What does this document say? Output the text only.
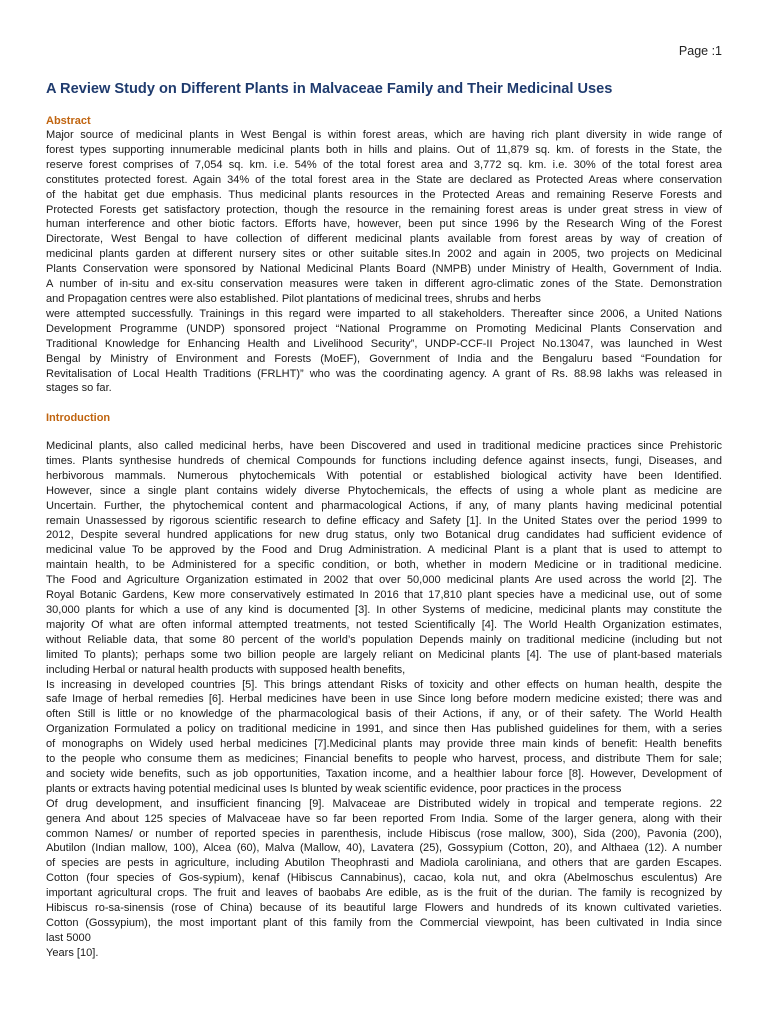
Page :1
A Review Study on Different Plants in Malvaceae Family and Their Medicinal Uses
Abstract
Major source of medicinal plants in West Bengal is within forest areas, which are having rich plant diversity in wide range of
forest types supporting innumerable medicinal plants both in hills and plains. Out of 11,879 sq. km. of forests in the State, the
reserve forest comprises of 7,054 sq. km. i.e. 54% of the total forest area and 3,772 sq. km. i.e. 30% of the total forest area
constitutes protected forest. Again 34% of the total forest area in the State are declared as Protected Areas where conservation
of the habitat get due emphasis. Thus medicinal plants resources in the Protected Areas and remaining Reserve Forests and
Protected Forests get satisfactory protection, though the resource in the remaining forest areas is under great stress in view of
human interference and other biotic factors. Efforts have, however, been put since 1996 by the Research Wing of the Forest
Directorate, West Bengal to have collection of different medicinal plants available from forest areas by way of creation of
medicinal plants garden at different nursery sites or other suitable sites.In 2002 and again in 2005, two projects on Medicinal
Plants Conservation were sponsored by National Medicinal Plants Board (NMPB) under Ministry of Health, Government of India.
A number of in-situ and ex-situ conservation measures were taken in different agro-climatic zones of the State. Demonstration
and Propagation centres were also established. Pilot plantations of medicinal trees, shrubs and herbs
were attempted successfully. Trainings in this regard were imparted to all stakeholders. Thereafter since 2006, a United Nations
Development Programme (UNDP) sponsored project “National Programme on Promoting Medicinal Plants Conservation and
Traditional Knowledge for Enhancing Health and Livelihood Security”, UNDP-CCF-II Project No.13047, was launched in West
Bengal by Ministry of Environment and Forests (MoEF), Government of India and the Bengaluru based “Foundation for
Revitalisation of Local Health Traditions (FRLHT)” who was the coordinating agency. A grant of Rs. 88.98 lakhs was released in
stages so far.
Introduction
Medicinal plants, also called medicinal herbs, have been Discovered and used in traditional medicine practices since Prehistoric
times. Plants synthesise hundreds of chemical Compounds for functions including defence against insects, fungi, Diseases, and
herbivorous mammals. Numerous phytochemicals With potential or established biological activity have been Identified.
However, since a single plant contains widely diverse Phytochemicals, the effects of using a whole plant as medicine are
Uncertain. Further, the phytochemical content and pharmacological Actions, if any, of many plants having medicinal potential
remain Unassessed by rigorous scientific research to define efficacy and Safety [1]. In the United States over the period 1999 to
2012, Despite several hundred applications for new drug status, only two Botanical drug candidates had sufficient evidence of
medicinal value To be approved by the Food and Drug Administration. A medicinal Plant is a plant that is used to attempt to
maintain health, to be Administered for a specific condition, or both, whether in modern Medicine or in traditional medicine.
The Food and Agriculture Organization estimated in 2002 that over 50,000 medicinal plants Are used across the world [2]. The
Royal Botanic Gardens, Kew more conservatively estimated In 2016 that 17,810 plant species have a medicinal use, out of some
30,000 plants for which a use of any kind is documented [3]. In other Systems of medicine, medicinal plants may constitute the
majority Of what are often informal attempted treatments, not tested Scientifically [4]. The World Health Organization estimates,
without Reliable data, that some 80 percent of the world’s population Depends mainly on traditional medicine (including but not
limited To plants); perhaps some two billion people are largely reliant on Medicinal plants [4]. The use of plant-based materials
including Herbal or natural health products with supposed health benefits,
Is increasing in developed countries [5]. This brings attendant Risks of toxicity and other effects on human health, despite the
safe Image of herbal remedies [6]. Herbal medicines have been in use Since long before modern medicine existed; there was and
often Still is little or no knowledge of the pharmacological basis of their Actions, if any, or of their safety. The World Health
Organization Formulated a policy on traditional medicine in 1991, and since then Has published guidelines for them, with a series
of monographs on Widely used herbal medicines [7].Medicinal plants may provide three main kinds of benefit: Health benefits
to the people who consume them as medicines; Financial benefits to people who harvest, process, and distribute Them for sale;
and society wide benefits, such as job opportunities, Taxation income, and a healthier labour force [8]. However, Development of
plants or extracts having potential medicinal uses Is blunted by weak scientific evidence, poor practices in the process
Of drug development, and insufficient financing [9]. Malvaceae are Distributed widely in tropical and temperate regions. 22
genera And about 125 species of Malvaceae have so far been reported From India. Some of the larger genera, along with their
common Names/ or number of reported species in parenthesis, include Hibiscus (rose mallow, 300), Sida (200), Pavonia (200),
Abutilon (Indian mallow, 100), Alcea (60), Malva (Mallow, 40), Lavatera (25), Gossypium (Cotton, 20), and Althaea (12). A number
of species are pests in agriculture, including Abutilon Theophrasti and Madiola caroliniana, and others that are garden Escapes.
Cotton (four species of Gos-sypium), kenaf (Hibiscus Cannabinus), cacao, kola nut, and okra (Abelmoschus esculentus) Are
important agricultural crops. The fruit and leaves of baobabs Are edible, as is the fruit of the durian. The family is recognized by
Hibiscus ro-sa-sinensis (rose of China) because of its beautiful large Flowers and hundreds of its known cultivated varieties.
Cotton (Gossypium), the most important plant of this family from the Commercial viewpoint, has been cultivated in India since
last 5000
Years [10].
